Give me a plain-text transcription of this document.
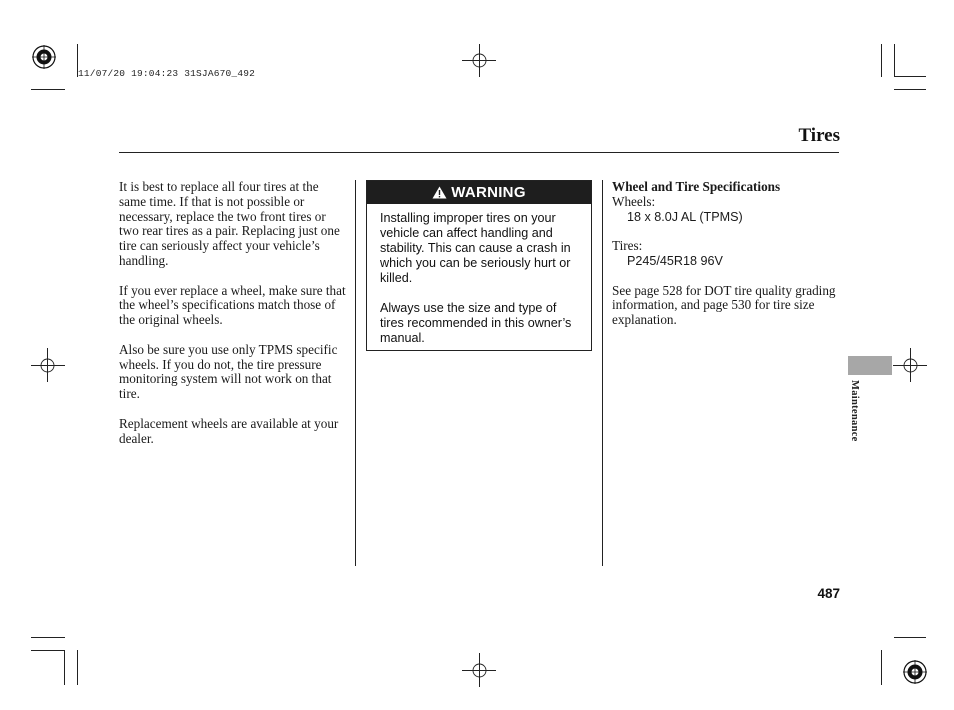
11/07/20 19:04:23 31SJA670_492
Tires

It is best to replace all four tires at the same time. If that is not possible or necessary, replace the two front tires or two rear tires as a pair. Replacing just one tire can seriously affect your vehicle’s handling.

If you ever replace a wheel, make sure that the wheel’s specifications match those of the original wheels.

Also be sure you use only TPMS specific wheels. If you do not, the tire pressure monitoring system will not work on that tire.

Replacement wheels are available at your dealer.

WARNING

Installing improper tires on your vehicle can affect handling and stability. This can cause a crash in which you can be seriously hurt or killed.

Always use the size and type of tires recommended in this owner’s manual.

Wheel and Tire Specifications
Wheels:
18 x 8.0J AL (TPMS)
Tires:
P245/45R18 96V
See page 528 for DOT tire quality grading information, and page 530 for tire size explanation.
Maintenance
487
